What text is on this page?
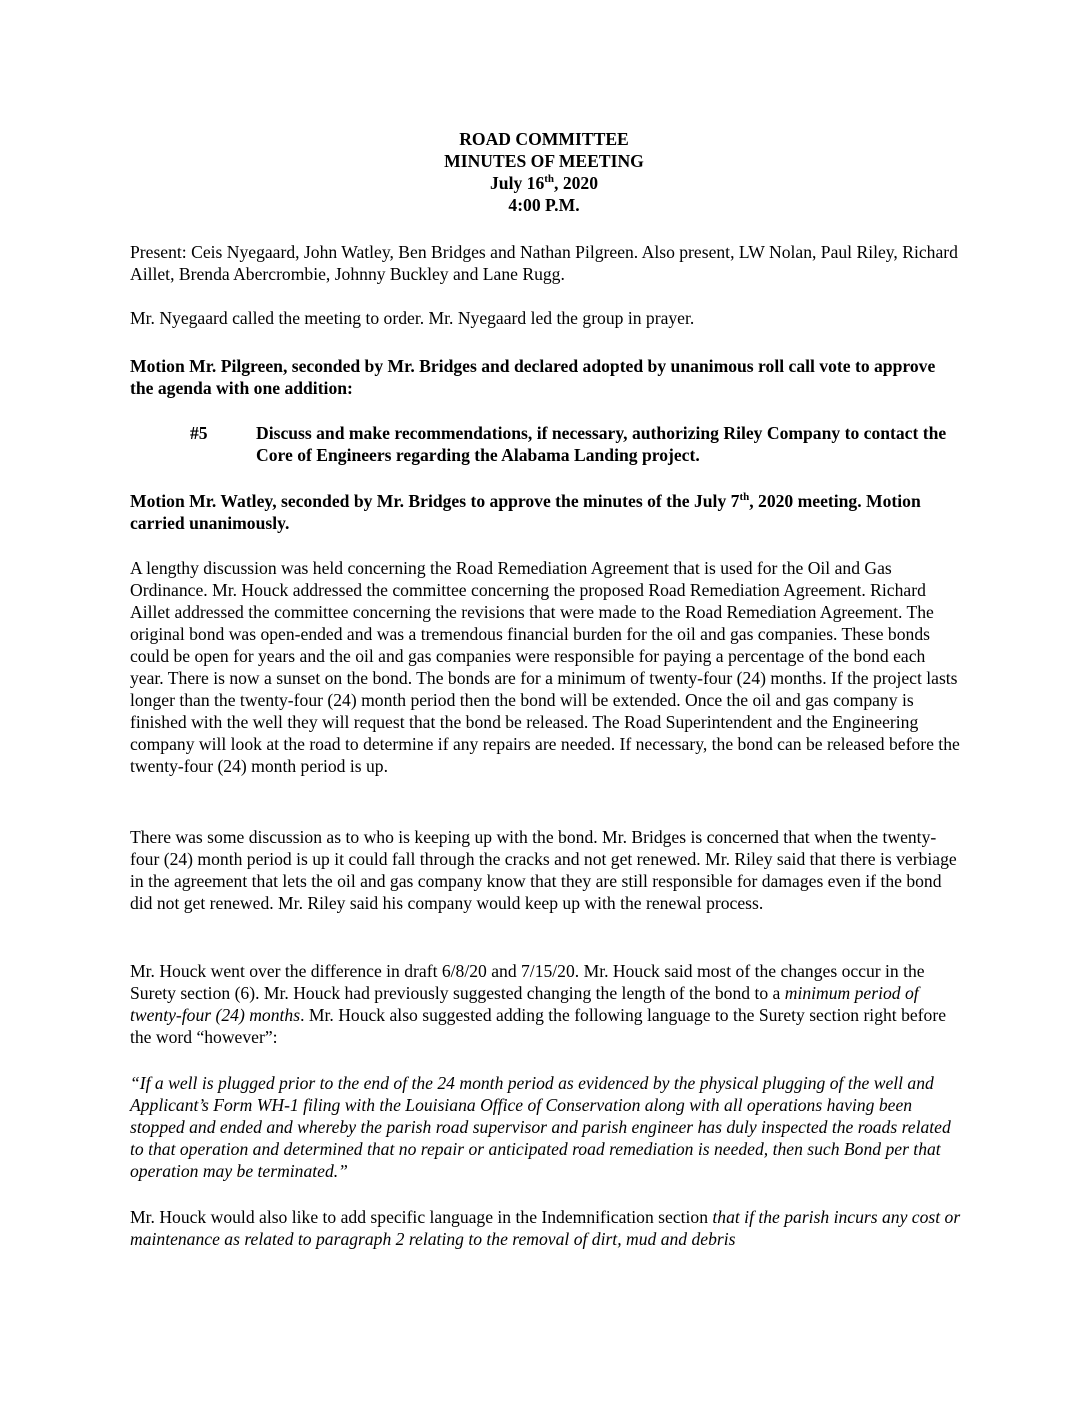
ROAD COMMITTEE
MINUTES OF MEETING
July 16th, 2020
4:00 P.M.

Present: Ceis Nyegaard, John Watley, Ben Bridges and Nathan Pilgreen. Also present, LW Nolan, Paul Riley, Richard Aillet, Brenda Abercrombie, Johnny Buckley and Lane Rugg.

Mr. Nyegaard called the meeting to order. Mr. Nyegaard led the group in prayer.

Motion Mr. Pilgreen, seconded by Mr. Bridges and declared adopted by unanimous roll call vote to approve the agenda with one addition:

#5	Discuss and make recommendations, if necessary, authorizing Riley Company to contact the Core of Engineers regarding the Alabama Landing project.

Motion Mr. Watley, seconded by Mr. Bridges to approve the minutes of the July 7th, 2020 meeting. Motion carried unanimously.

A lengthy discussion was held concerning the Road Remediation Agreement that is used for the Oil and Gas Ordinance. Mr. Houck addressed the committee concerning the proposed Road Remediation Agreement. Richard Aillet addressed the committee concerning the revisions that were made to the Road Remediation Agreement. The original bond was open-ended and was a tremendous financial burden for the oil and gas companies. These bonds could be open for years and the oil and gas companies were responsible for paying a percentage of the bond each year. There is now a sunset on the bond. The bonds are for a minimum of twenty-four (24) months. If the project lasts longer than the twenty-four (24) month period then the bond will be extended. Once the oil and gas company is finished with the well they will request that the bond be released. The Road Superintendent and the Engineering company will look at the road to determine if any repairs are needed. If necessary, the bond can be released before the twenty-four (24) month period is up.

There was some discussion as to who is keeping up with the bond. Mr. Bridges is concerned that when the twenty-four (24) month period is up it could fall through the cracks and not get renewed. Mr. Riley said that there is verbiage in the agreement that lets the oil and gas company know that they are still responsible for damages even if the bond did not get renewed. Mr. Riley said his company would keep up with the renewal process.

Mr. Houck went over the difference in draft 6/8/20 and 7/15/20. Mr. Houck said most of the changes occur in the Surety section (6). Mr. Houck had previously suggested changing the length of the bond to a minimum period of twenty-four (24) months. Mr. Houck also suggested adding the following language to the Surety section right before the word “however”:

“If a well is plugged prior to the end of the 24 month period as evidenced by the physical plugging of the well and Applicant’s Form WH-1 filing with the Louisiana Office of Conservation along with all operations having been stopped and ended and whereby the parish road supervisor and parish engineer has duly inspected the roads related to that operation and determined that no repair or anticipated road remediation is needed, then such Bond per that operation may be terminated.”

Mr. Houck would also like to add specific language in the Indemnification section that if the parish incurs any cost or maintenance as related to paragraph 2 relating to the removal of dirt, mud and debris
